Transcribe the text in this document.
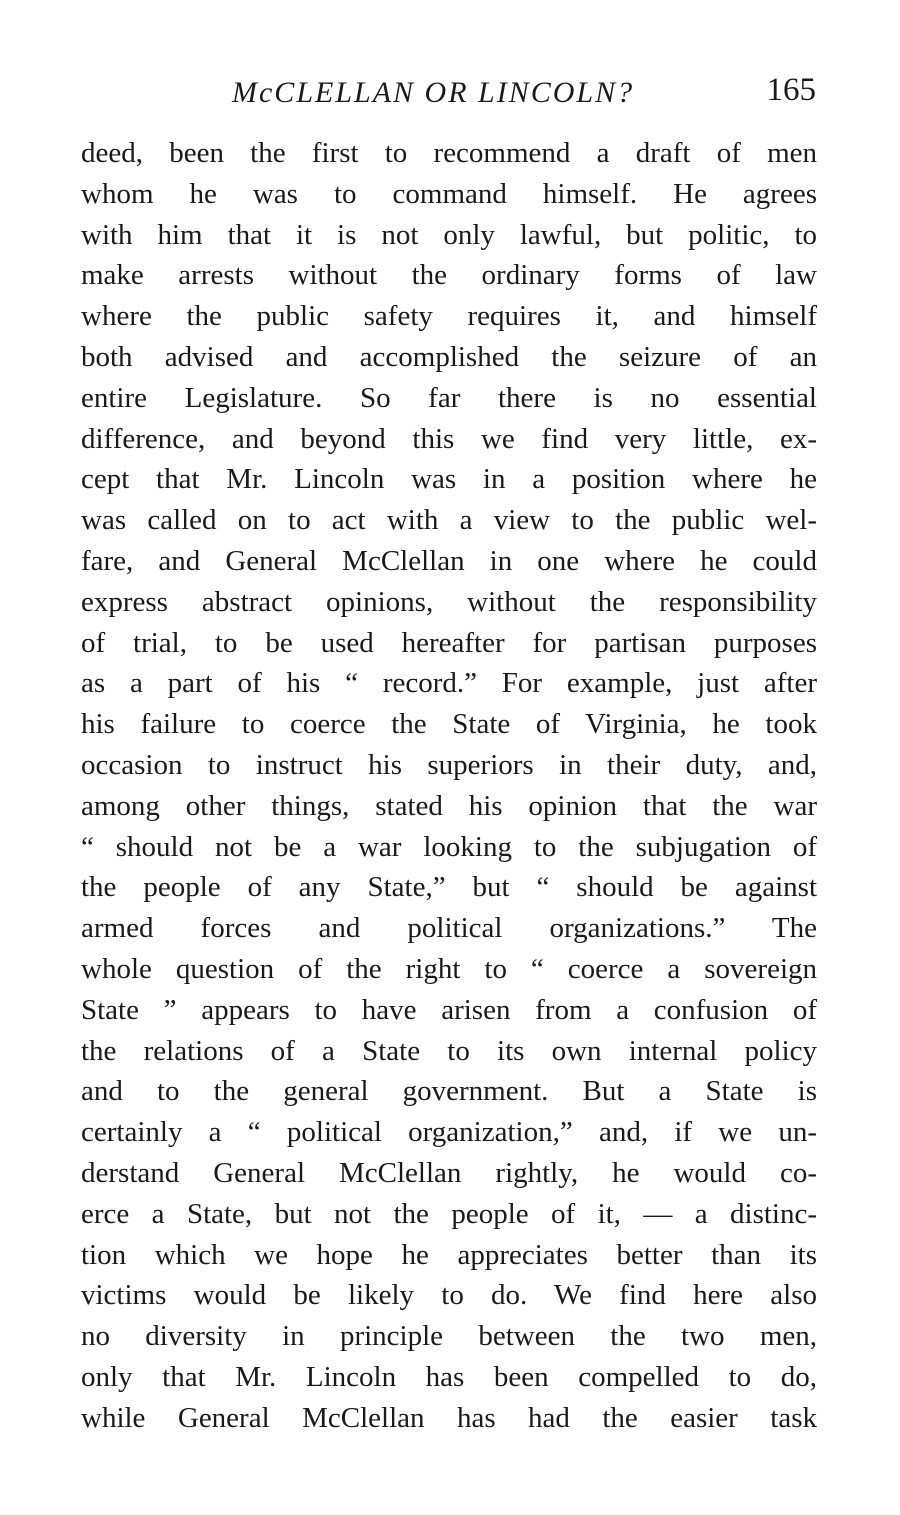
McCLELLAN OR LINCOLN?	165
deed, been the first to recommend a draft of men
whom he was to command himself. He agrees
with him that it is not only lawful, but politic, to
make arrests without the ordinary forms of law
where the public safety requires it, and himself
both advised and accomplished the seizure of an
entire Legislature. So far there is no essential
difference, and beyond this we find very little, ex-
cept that Mr. Lincoln was in a position where he
was called on to act with a view to the public wel-
fare, and General McClellan in one where he could
express abstract opinions, without the responsibility
of trial, to be used hereafter for partisan purposes
as a part of his “ record.” For example, just after
his failure to coerce the State of Virginia, he took
occasion to instruct his superiors in their duty, and,
among other things, stated his opinion that the war
“ should not be a war looking to the subjugation of
the people of any State,” but “ should be against
armed forces and political organizations.” The
whole question of the right to “ coerce a sovereign
State ” appears to have arisen from a confusion of
the relations of a State to its own internal policy
and to the general government. But a State is
certainly a “ political organization,” and, if we un-
derstand General McClellan rightly, he would co-
erce a State, but not the people of it, — a distinc-
tion which we hope he appreciates better than its
victims would be likely to do. We find here also
no diversity in principle between the two men,
only that Mr. Lincoln has been compelled to do,
while General McClellan has had the easier task
